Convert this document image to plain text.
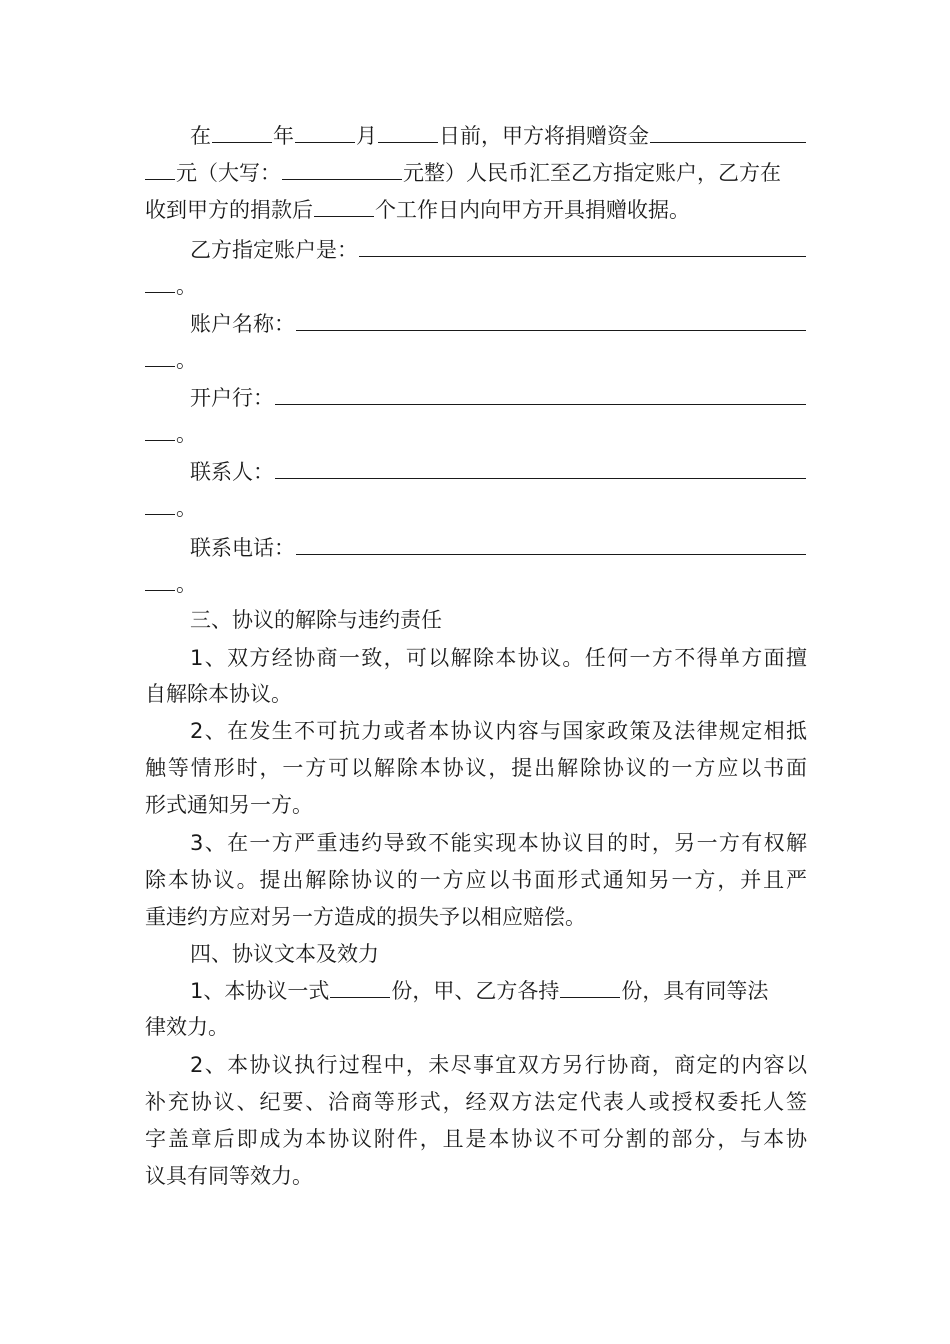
在	年	月	日前，甲方将捐赠资金
元（大写：	元整）人民币汇至乙方指定账户，乙方在
收到甲方的捐款后	个工作日内向甲方开具捐赠收据。
乙方指定账户是：
。
账户名称：
。
开户行：
。
联系人：
。
联系电话：
。
三、协议的解除与违约责任
1、双方经协商一致，可以解除本协议。任何一方不得单方面擅
自解除本协议。
2、在发生不可抗力或者本协议内容与国家政策及法律规定相抵
触等情形时，一方可以解除本协议，提出解除协议的一方应以书面
形式通知另一方。
3、在一方严重违约导致不能实现本协议目的时，另一方有权解
除本协议。提出解除协议的一方应以书面形式通知另一方，并且严
重违约方应对另一方造成的损失予以相应赔偿。
四、协议文本及效力
1、本协议一式	份，甲、乙方各持	份，具有同等法
律效力。
2、本协议执行过程中，未尽事宜双方另行协商，商定的内容以
补充协议、纪要、洽商等形式，经双方法定代表人或授权委托人签
字盖章后即成为本协议附件，且是本协议不可分割的部分，与本协
议具有同等效力。
